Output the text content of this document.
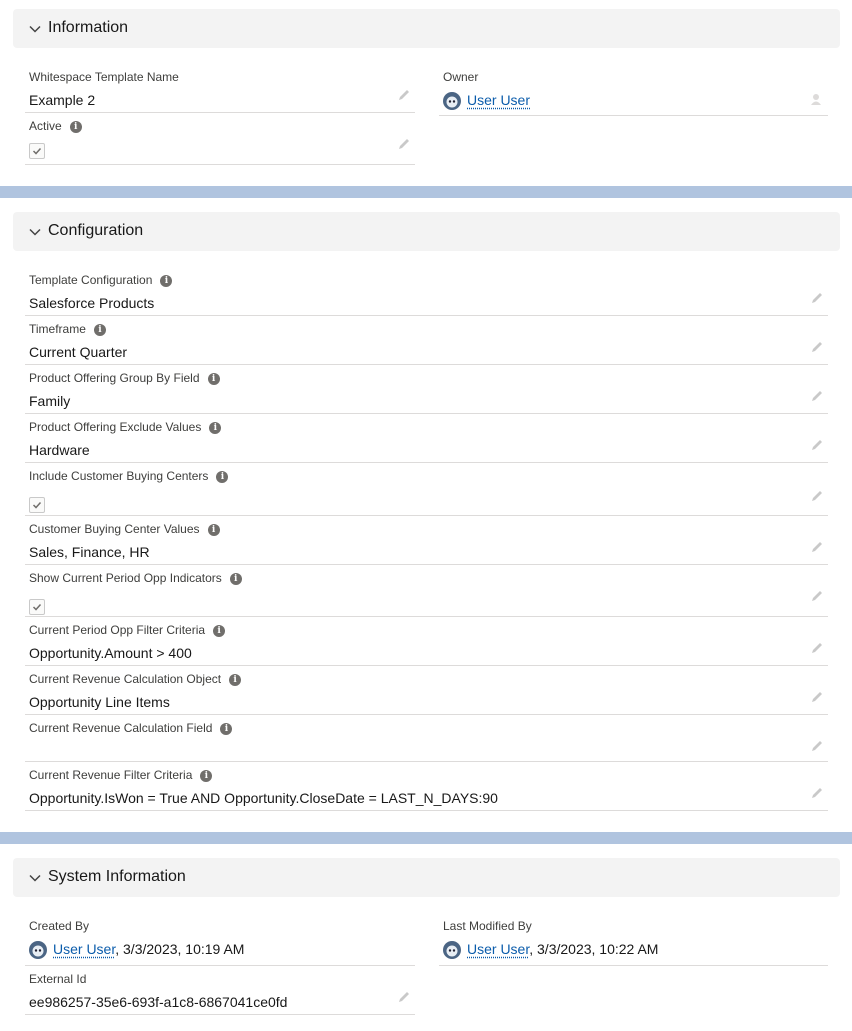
Information
Whitespace Template Name
Example 2
Active i
Owner
User User
Configuration
Template Configuration i
Salesforce Products
Timeframe i
Current Quarter
Product Offering Group By Field i
Family
Product Offering Exclude Values i
Hardware
Include Customer Buying Centers i
Customer Buying Center Values i
Sales, Finance, HR
Show Current Period Opp Indicators i
Current Period Opp Filter Criteria i
Opportunity.Amount > 400
Current Revenue Calculation Object i
Opportunity Line Items
Current Revenue Calculation Field i
Current Revenue Filter Criteria i
Opportunity.IsWon = True AND Opportunity.CloseDate = LAST_N_DAYS:90
System Information
Created By
User User, 3/3/2023, 10:19 AM
Last Modified By
User User, 3/3/2023, 10:22 AM
External Id
ee986257-35e6-693f-a1c8-6867041ce0fd
